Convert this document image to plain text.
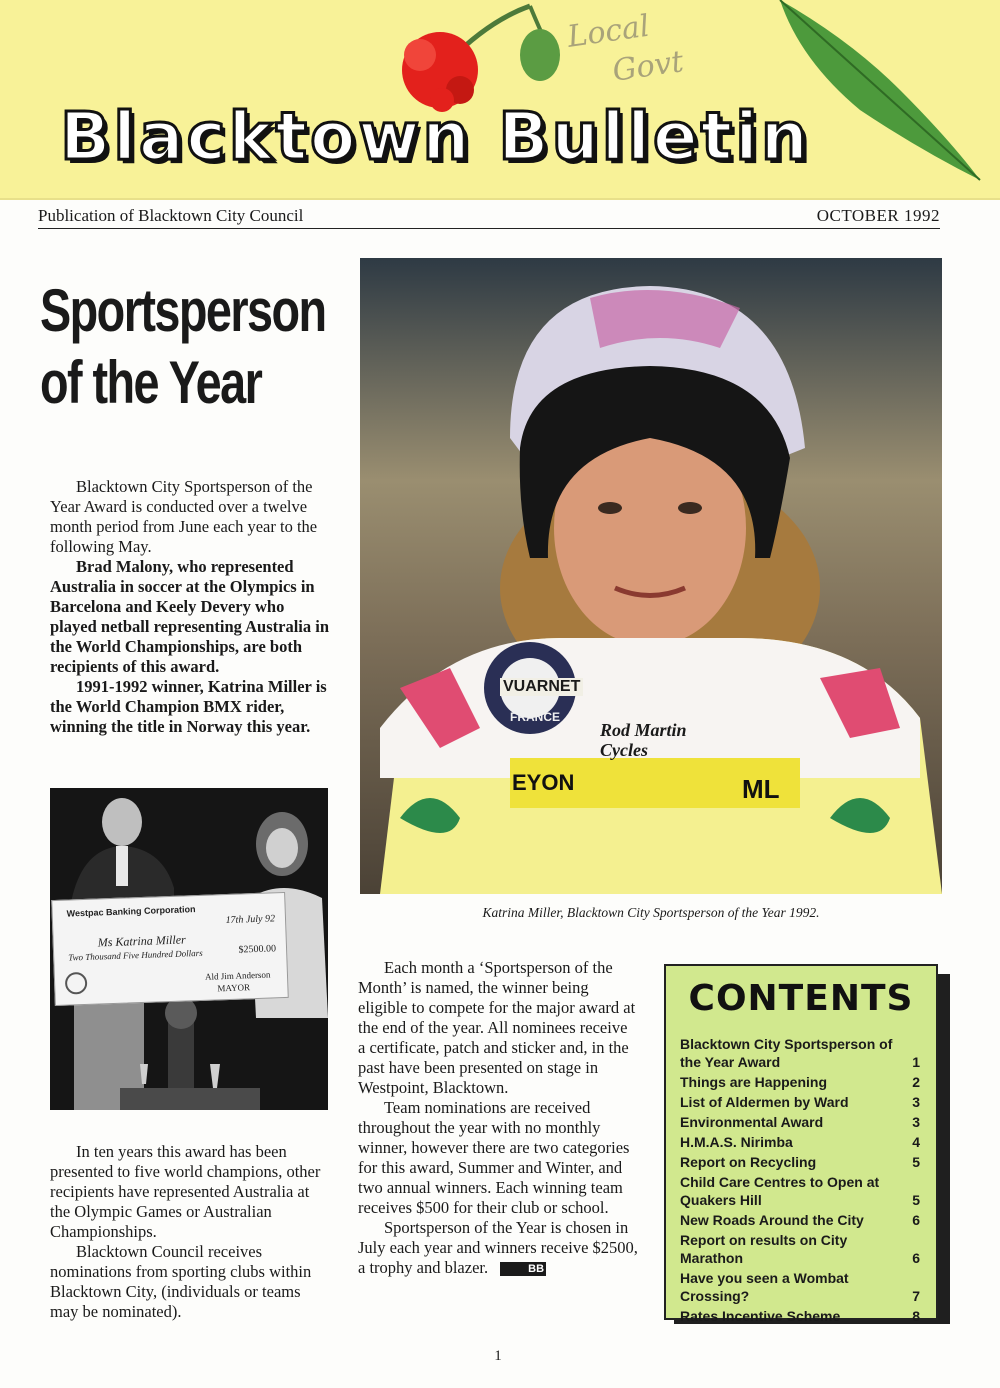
Local
Govt
Blacktown Bulletin
Publication of Blacktown City Council	OCTOBER 1992
Sportsperson
of the Year

Blacktown City Sportsperson of the Year Award is conducted over a twelve month period from June each year to the following May.

Brad Malony, who represented Australia in soccer at the Olympics in Barcelona and Keely Devery who played netball representing Australia in the World Championships, are both recipients of this award.

1991-1992 winner, Katrina Miller is the World Champion BMX rider, winning the title in Norway this year.

Westpac Banking Corporation
17th July 92
Ms Katrina Miller
Two Thousand Five Hundred Dollars	$2500.00
Ald Jim Anderson
MAYOR
VUARNET
FRANCE
Rod Martin Cycles
EYON	ML
Katrina Miller, Blacktown City Sportsperson of the Year 1992.

In ten years this award has been presented to five world champions, other recipients have represented Australia at the Olympic Games or Australian Championships.

Blacktown Council receives nominations from sporting clubs within Blacktown City, (individuals or teams may be nominated).

Each month a ‘Sportsperson of the Month’ is named, the winner being eligible to compete for the major award at the end of the year. All nominees receive a certificate, patch and sticker and, in the past have been presented on stage in Westpoint, Blacktown.

Team nominations are received throughout the year with no monthly winner, however there are two categories for this award, Summer and Winter, and two annual winners. Each winning team receives $500 for their club or school.

Sportsperson of the Year is chosen in July each year and winners receive $2500, a trophy and blazer.	BB

CONTENTS
Blacktown City Sportsperson of the Year Award	1
Things are Happening	2
List of Aldermen by Ward	3
Environmental Award	3
H.M.A.S. Nirimba	4
Report on Recycling	5
Child Care Centres to Open at Quakers Hill	5
New Roads Around the City	6
Report on results on City Marathon	6
Have you seen a Wombat Crossing?	7
Rates Incentive Scheme	8
1
